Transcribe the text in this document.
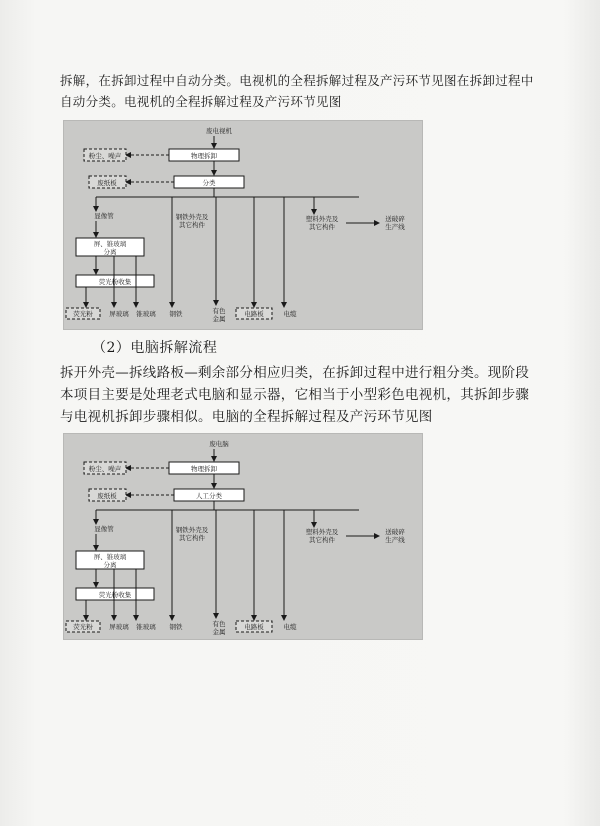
拆解，在拆卸过程中自动分类。电视机的全程拆解过程及产污环节见图在拆卸过程中自动分类。电视机的全程拆解过程及产污环节见图
废电视机
物理拆卸
粉尘、噪声
分类
废纸板
显像管
屏、锥玻璃
分离
荧光粉收集
荧光粉	屏玻璃 锥玻璃
钢铁外壳及
其它构件
钢铁	有色
金属
电路板	电缆
塑料外壳及
其它构件
送破碎
生产线
（2）电脑拆解流程
拆开外壳—拆线路板—剩余部分相应归类，在拆卸过程中进行粗分类。现阶段本项目主要是处理老式电脑和显示器，它相当于小型彩色电视机，其拆卸步骤与电视机拆卸步骤相似。电脑的全程拆解过程及产污环节见图
废电脑
物理拆卸
粉尘、噪声
人工分类
废纸板
显像管
屏、锥玻璃
分离
荧光粉收集
荧光粉	屏玻璃 锥玻璃
钢铁外壳及
其它构件
钢铁	有色
金属
电路板	电缆
塑料外壳及
其它构件
送破碎
生产线
